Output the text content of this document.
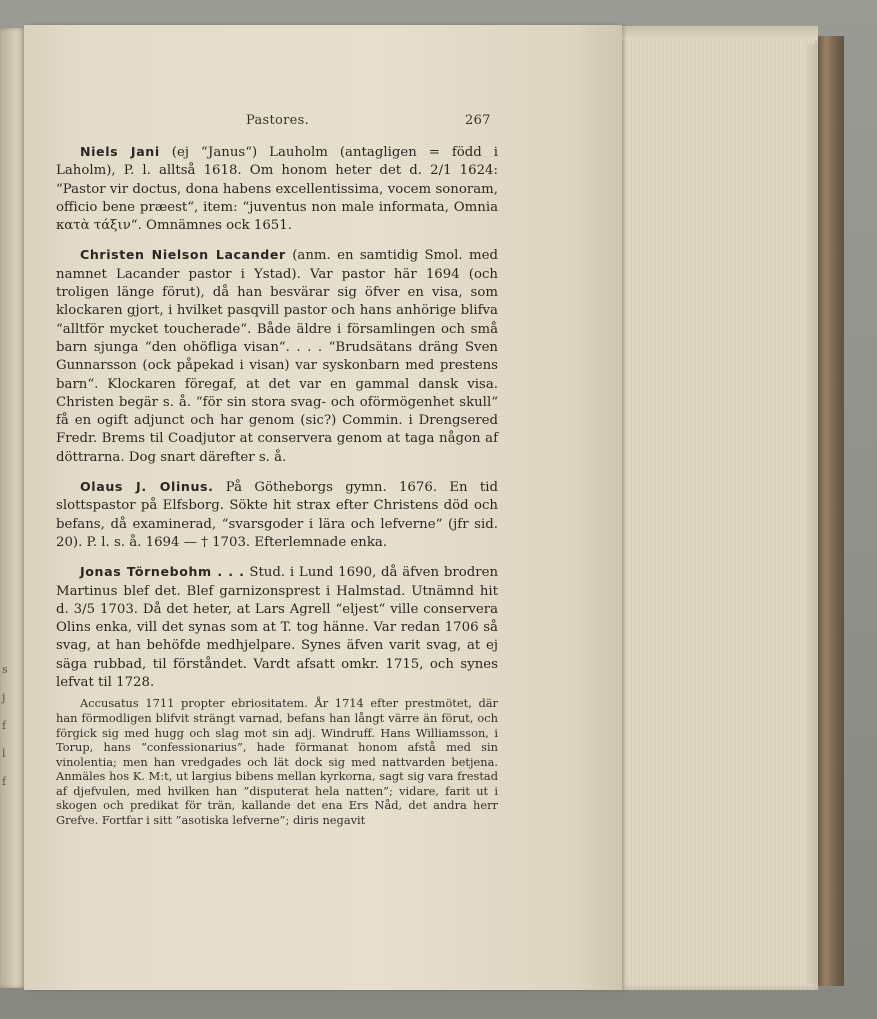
s
j
f
l
f
Pastores.	267

Niels Jani (ej “Janus“) Lauholm (antagligen = född i Laholm), P. l. alltså 1618. Om honom heter det d. 2/1 1624: “Pastor vir doctus, dona habens excellentissima, vocem sonoram, officio bene præest“, item: “juventus non male informata, Omnia κατὰ τάξιν“. Omnämnes ock 1651.

Christen Nielson Lacander (anm. en samtidig Smol. med namnet Lacander pastor i Ystad). Var pastor här 1694 (och troligen länge förut), då han besvärar sig öfver en visa, som klockaren gjort, i hvilket pasqvill pastor och hans anhörige blifva “alltför mycket toucherade“. Både äldre i församlingen och små barn sjunga “den ohöfliga visan“. . . . “Brudsätans dräng Sven Gunnarsson (ock påpekad i visan) var syskonbarn med prestens barn“. Klockaren föregaf, at det var en gammal dansk visa. Christen begär s. å. “för sin stora svag- och oförmögenhet skull“ få en ogift adjunct och har genom (sic?) Commin. i Drengsered Fredr. Brems til Coadjutor at conservera genom at taga någon af döttrarna. Dog snart därefter s. å.

Olaus J. Olinus. På Götheborgs gymn. 1676. En tid slottspastor på Elfsborg. Sökte hit strax efter Christens död och befans, då examinerad, “svarsgoder i lära och lefverne“ (jfr sid. 20). P. l. s. å. 1694 — † 1703. Efterlemnade enka.

Jonas Törnebohm . . . Stud. i Lund 1690, då äfven brodren Martinus blef det. Blef garnizonsprest i Halmstad. Utnämnd hit d. 3/5 1703. Då det heter, at Lars Agrell “eljest“ ville conservera Olins enka, vill det synas som at T. tog hänne. Var redan 1706 så svag, at han behöfde medhjelpare. Synes äfven varit svag, at ej säga rubbad, til förståndet. Vardt afsatt omkr. 1715, och synes lefvat til 1728.

Accusatus 1711 propter ebriositatem. År 1714 efter prestmötet, där han förmodligen blifvit strängt varnad, befans han långt värre än förut, och förgick sig med hugg och slag mot sin adj. Windruff. Hans Williamsson, i Torup, hans ”confessionarius”, hade förmanat honom afstå med sin vinolentia; men han vredgades och lät dock sig med nattvarden betjena. Anmäles hos K. M:t, ut largius bibens mellan kyrkorna, sagt sig vara frestad af djefvulen, med hvilken han ”disputerat hela natten”; vidare, farit ut i skogen och predikat för trän, kallande det ena Ers Nåd, det andra herr Grefve. Fortfar i sitt ”asotiska lefverne”; diris negavit
